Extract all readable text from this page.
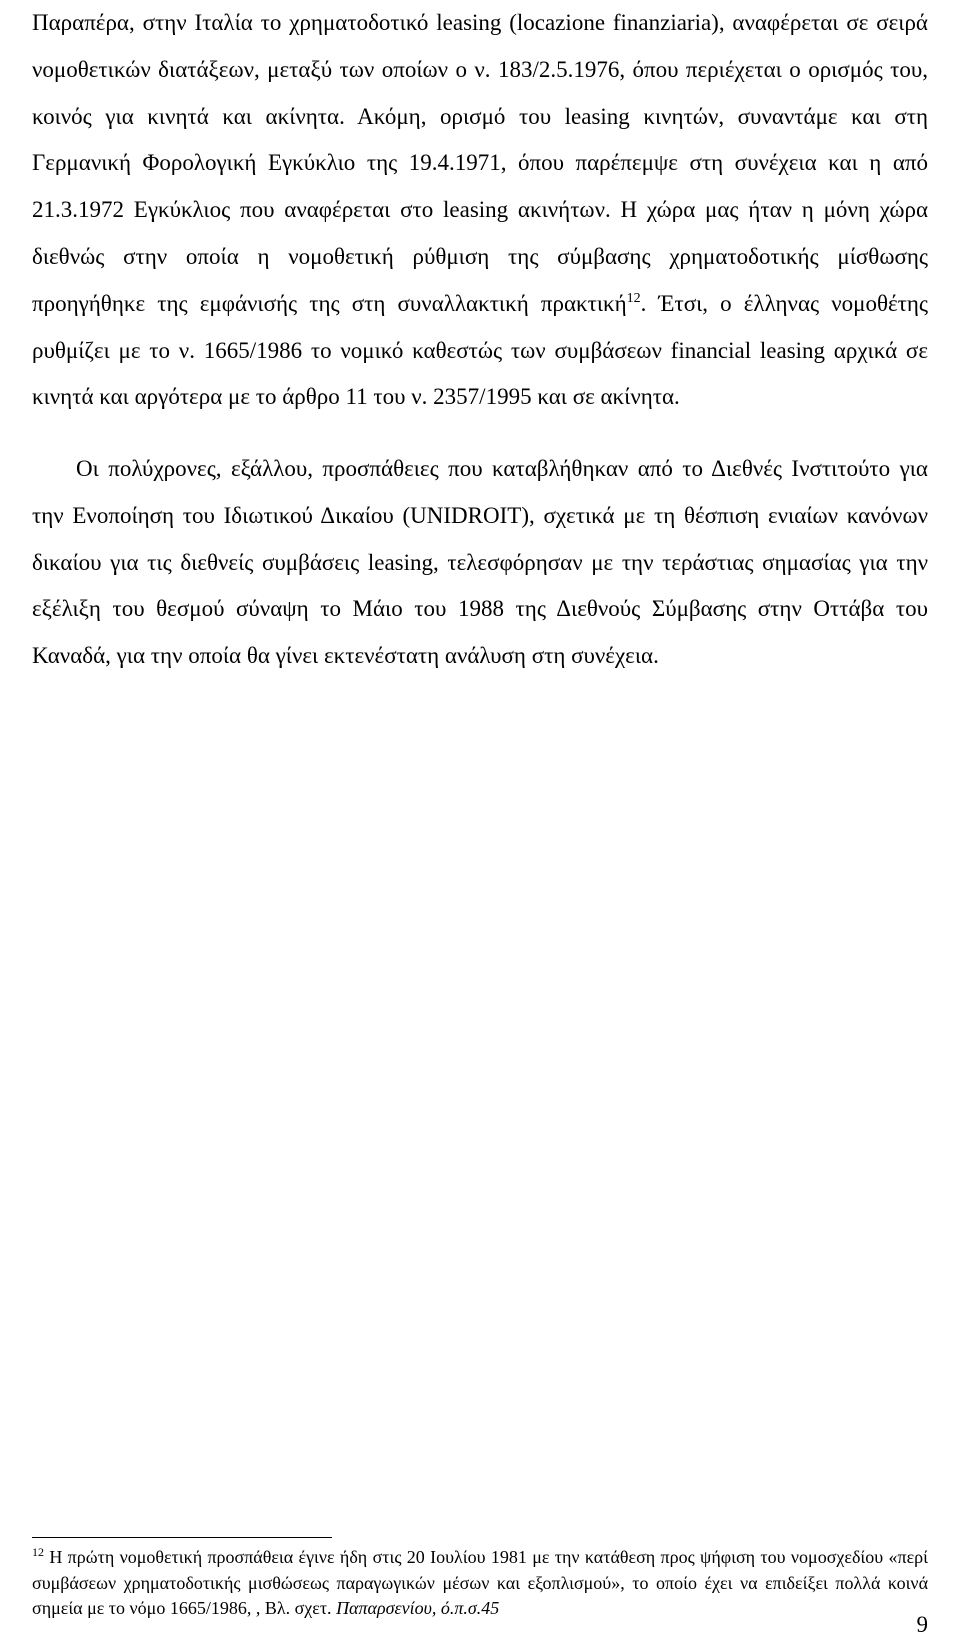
Παραπέρα, στην Ιταλία το χρηματοδοτικό leasing (locazione finanziaria), αναφέρεται σε σειρά νομοθετικών διατάξεων, μεταξύ των οποίων ο ν. 183/2.5.1976, όπου περιέχεται ο ορισμός του, κοινός για κινητά και ακίνητα. Ακόμη, ορισμό του leasing κινητών, συναντάμε και στη Γερμανική Φορολογική Εγκύκλιο της 19.4.1971, όπου παρέπεμψε στη συνέχεια και η από 21.3.1972 Εγκύκλιος που αναφέρεται στο leasing ακινήτων. Η χώρα μας ήταν η μόνη χώρα διεθνώς στην οποία η νομοθετική ρύθμιση της σύμβασης χρηματοδοτικής μίσθωσης προηγήθηκε της εμφάνισής της στη συναλλακτική πρακτική$^{12}$. Έτσι, ο έλληνας νομοθέτης ρυθμίζει με το ν. 1665/1986 το νομικό καθεστώς των συμβάσεων financial leasing αρχικά σε κινητά και αργότερα με το άρθρο 11 του ν. 2357/1995 και σε ακίνητα.

Οι πολύχρονες, εξάλλου, προσπάθειες που καταβλήθηκαν από το Διεθνές Ινστιτούτο για την Ενοποίηση του Ιδιωτικού Δικαίου (UNIDROIT), σχετικά με τη θέσπιση ενιαίων κανόνων δικαίου για τις διεθνείς συμβάσεις leasing, τελεσφόρησαν με την τεράστιας σημασίας για την εξέλιξη του θεσμού σύναψη το Μάιο του 1988 της Διεθνούς Σύμβασης στην Οττάβα του Καναδά, για την οποία θα γίνει εκτενέστατη ανάλυση στη συνέχεια.

$^{12}$ Η πρώτη νομοθετική προσπάθεια έγινε ήδη στις 20 Ιουλίου 1981 με την κατάθεση προς ψήφιση του νομοσχεδίου «περί συμβάσεων χρηματοδοτικής μισθώσεως παραγωγικών μέσων και εξοπλισμού», το οποίο έχει να επιδείξει πολλά κοινά σημεία με το νόμο 1665/1986, , Βλ. σχετ. Παπαρσενίου, ό.π.σ.45

9
